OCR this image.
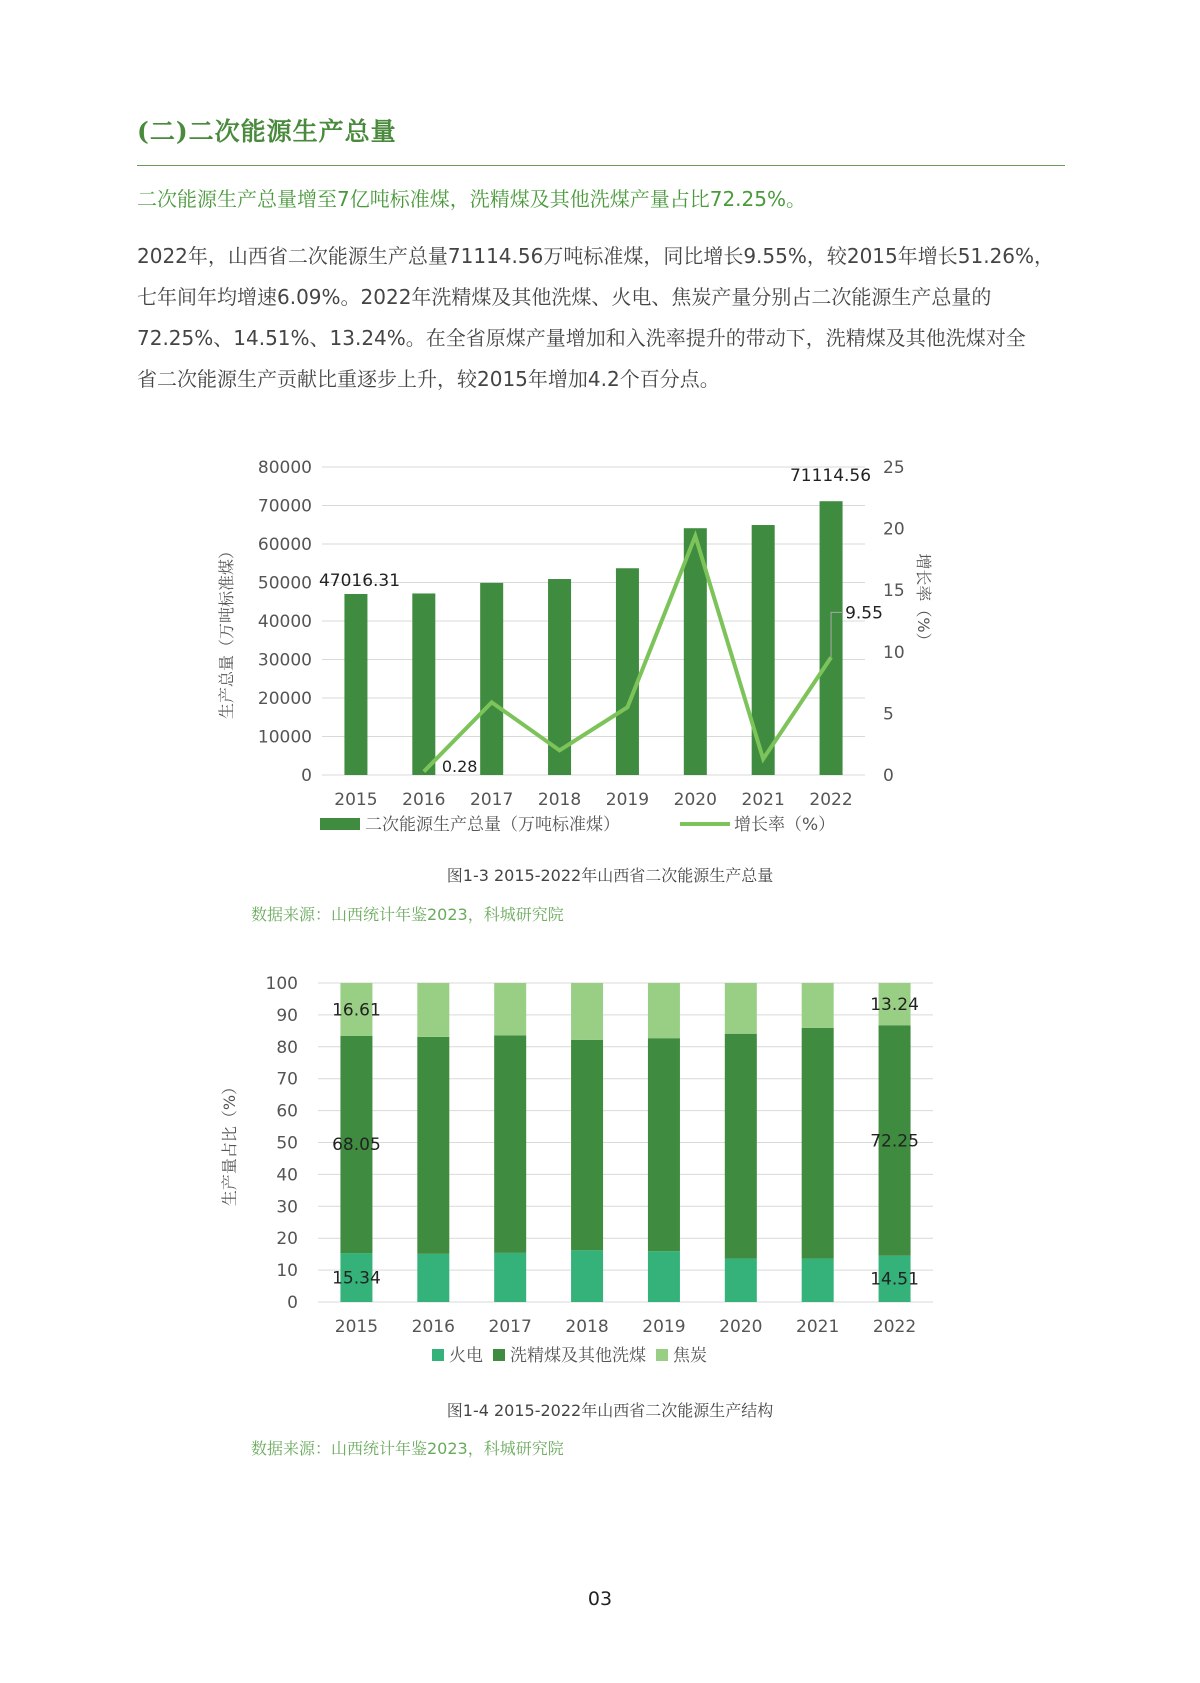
(二)二次能源生产总量
二次能源生产总量增至7亿吨标准煤，洗精煤及其他洗煤产量占比72.25%。

2022年，山西省二次能源生产总量71114.56万吨标准煤，同比增长9.55%，较2015年增长51.26%，

七年间年均增速6.09%。2022年洗精煤及其他洗煤、火电、焦炭产量分别占二次能源生产总量的

72.25%、14.51%、13.24%。在全省原煤产量增加和入洗率提升的带动下，洗精煤及其他洗煤对全

省二次能源生产贡献比重逐步上升，较2015年增加4.2个百分点。

0
10000
20000
30000
40000
50000
60000
70000
80000
0
5
10
15
20
25
2015 2016 2017 2018 2019 2020 2021 2022
47016.31
71114.56
0.28
9.55
生产总量（万吨标准煤）	增长率（%）
二次能源生产总量（万吨标准煤）	增长率（%）
图1-3 2015-2022年山西省二次能源生产总量
数据来源：山西统计年鉴2023，科城研究院
0
10
20
30
40
50
60
70
80
90
100
2015 2016 2017 2018 2019 2020 2021 2022
16.61
68.05
15.34
13.24
72.25
14.51
生产量占比（%）
火电 洗精煤及其他洗煤 焦炭
图1-4 2015-2022年山西省二次能源生产结构
数据来源：山西统计年鉴2023，科城研究院
03
